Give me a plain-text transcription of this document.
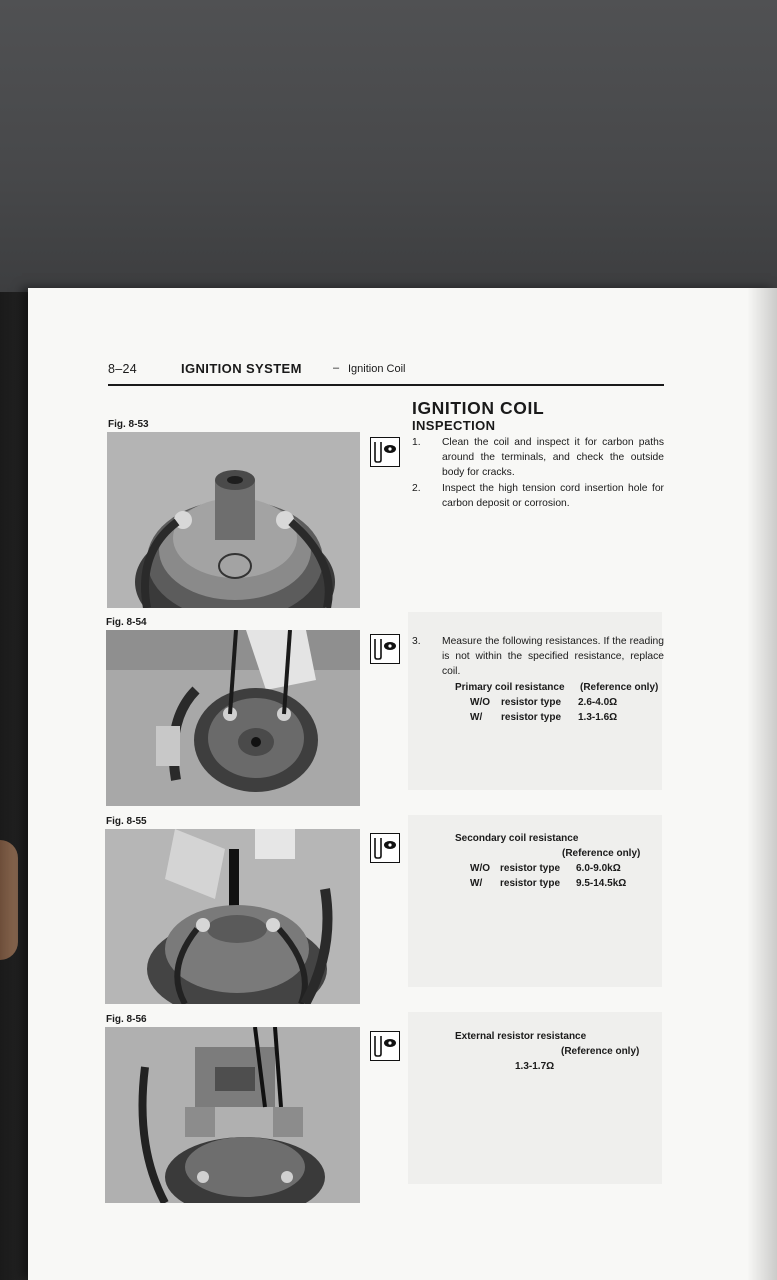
8–24	IGNITION SYSTEM	– Ignition Coil
Fig. 8-53
Fig. 8-54
Fig. 8-55
Fig. 8-56
IGNITION COIL
INSPECTION
1. Clean the coil and inspect it for carbon paths around the terminals, and check the outside body for cracks.
2. Inspect the high tension cord insertion hole for carbon deposit or corrosion.
3. Measure the following resistances. If the reading is not within the specified resistance, replace coil.
Primary coil resistance (Reference only)
W/O resistor type 2.6-4.0Ω
W/ resistor type 1.3-1.6Ω
Secondary coil resistance
(Reference only)
W/O resistor type 6.0-9.0kΩ
W/ resistor type 9.5-14.5kΩ
External resistor resistance
(Reference only)
1.3-1.7Ω
